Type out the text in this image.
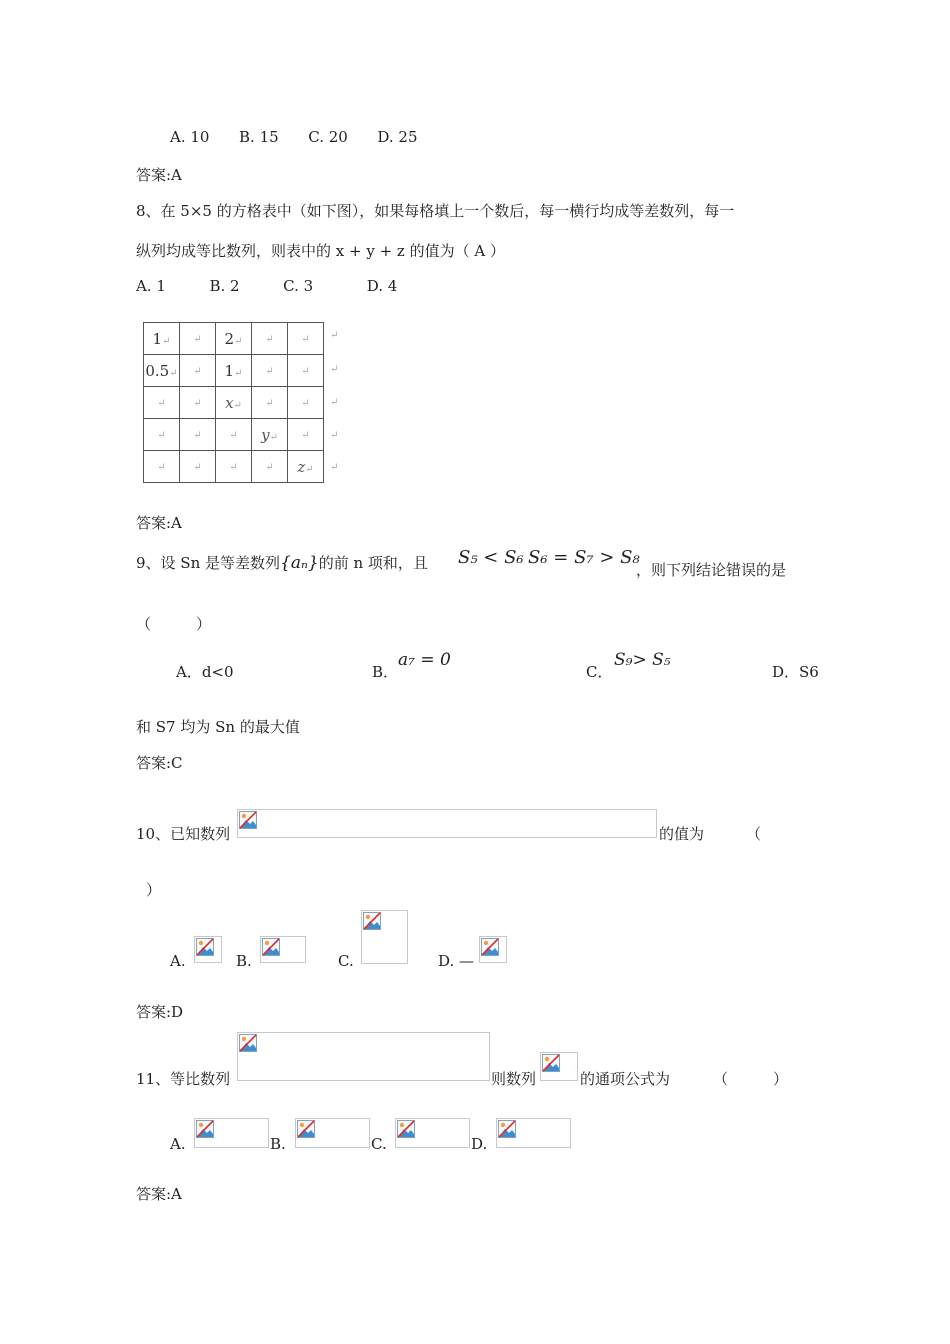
A. 10 B. 15 C. 20 D. 25
答案:A
8、在 5×5 的方格表中（如下图），如果每格填上一个数后，每一横行均成等差数列，每一
纵列均成等比数列，则表中的 x + y + z 的值为（ A ）
A. 1	B. 2	C. 3	D. 4
1↵	↵	2↵	↵	↵
0.5↵	↵	1↵	↵	↵
↵	↵	x↵	↵	↵
↵	↵	↵	y↵	↵
↵	↵	↵	↵	z↵
↵
↵
↵
↵
↵
答案:A
9、设 Sn 是等差数列{aₙ}的前 n 项和，且 S₅ < S₆ S₆ = S₇ > S₈
，则下列结论错误的是
（　　　）
A．d<0	B．
a₇ = 0
C．
S₉> S₅
D．S6
和 S7 均为 Sn 的最大值
答案:C
10、已知数列	的值为	（
）
A.	B.	C.	D. —
答案:D
11、等比数列	则数列	的通项公式为	（　　　）
A.	B.	C.	D.
答案:A
